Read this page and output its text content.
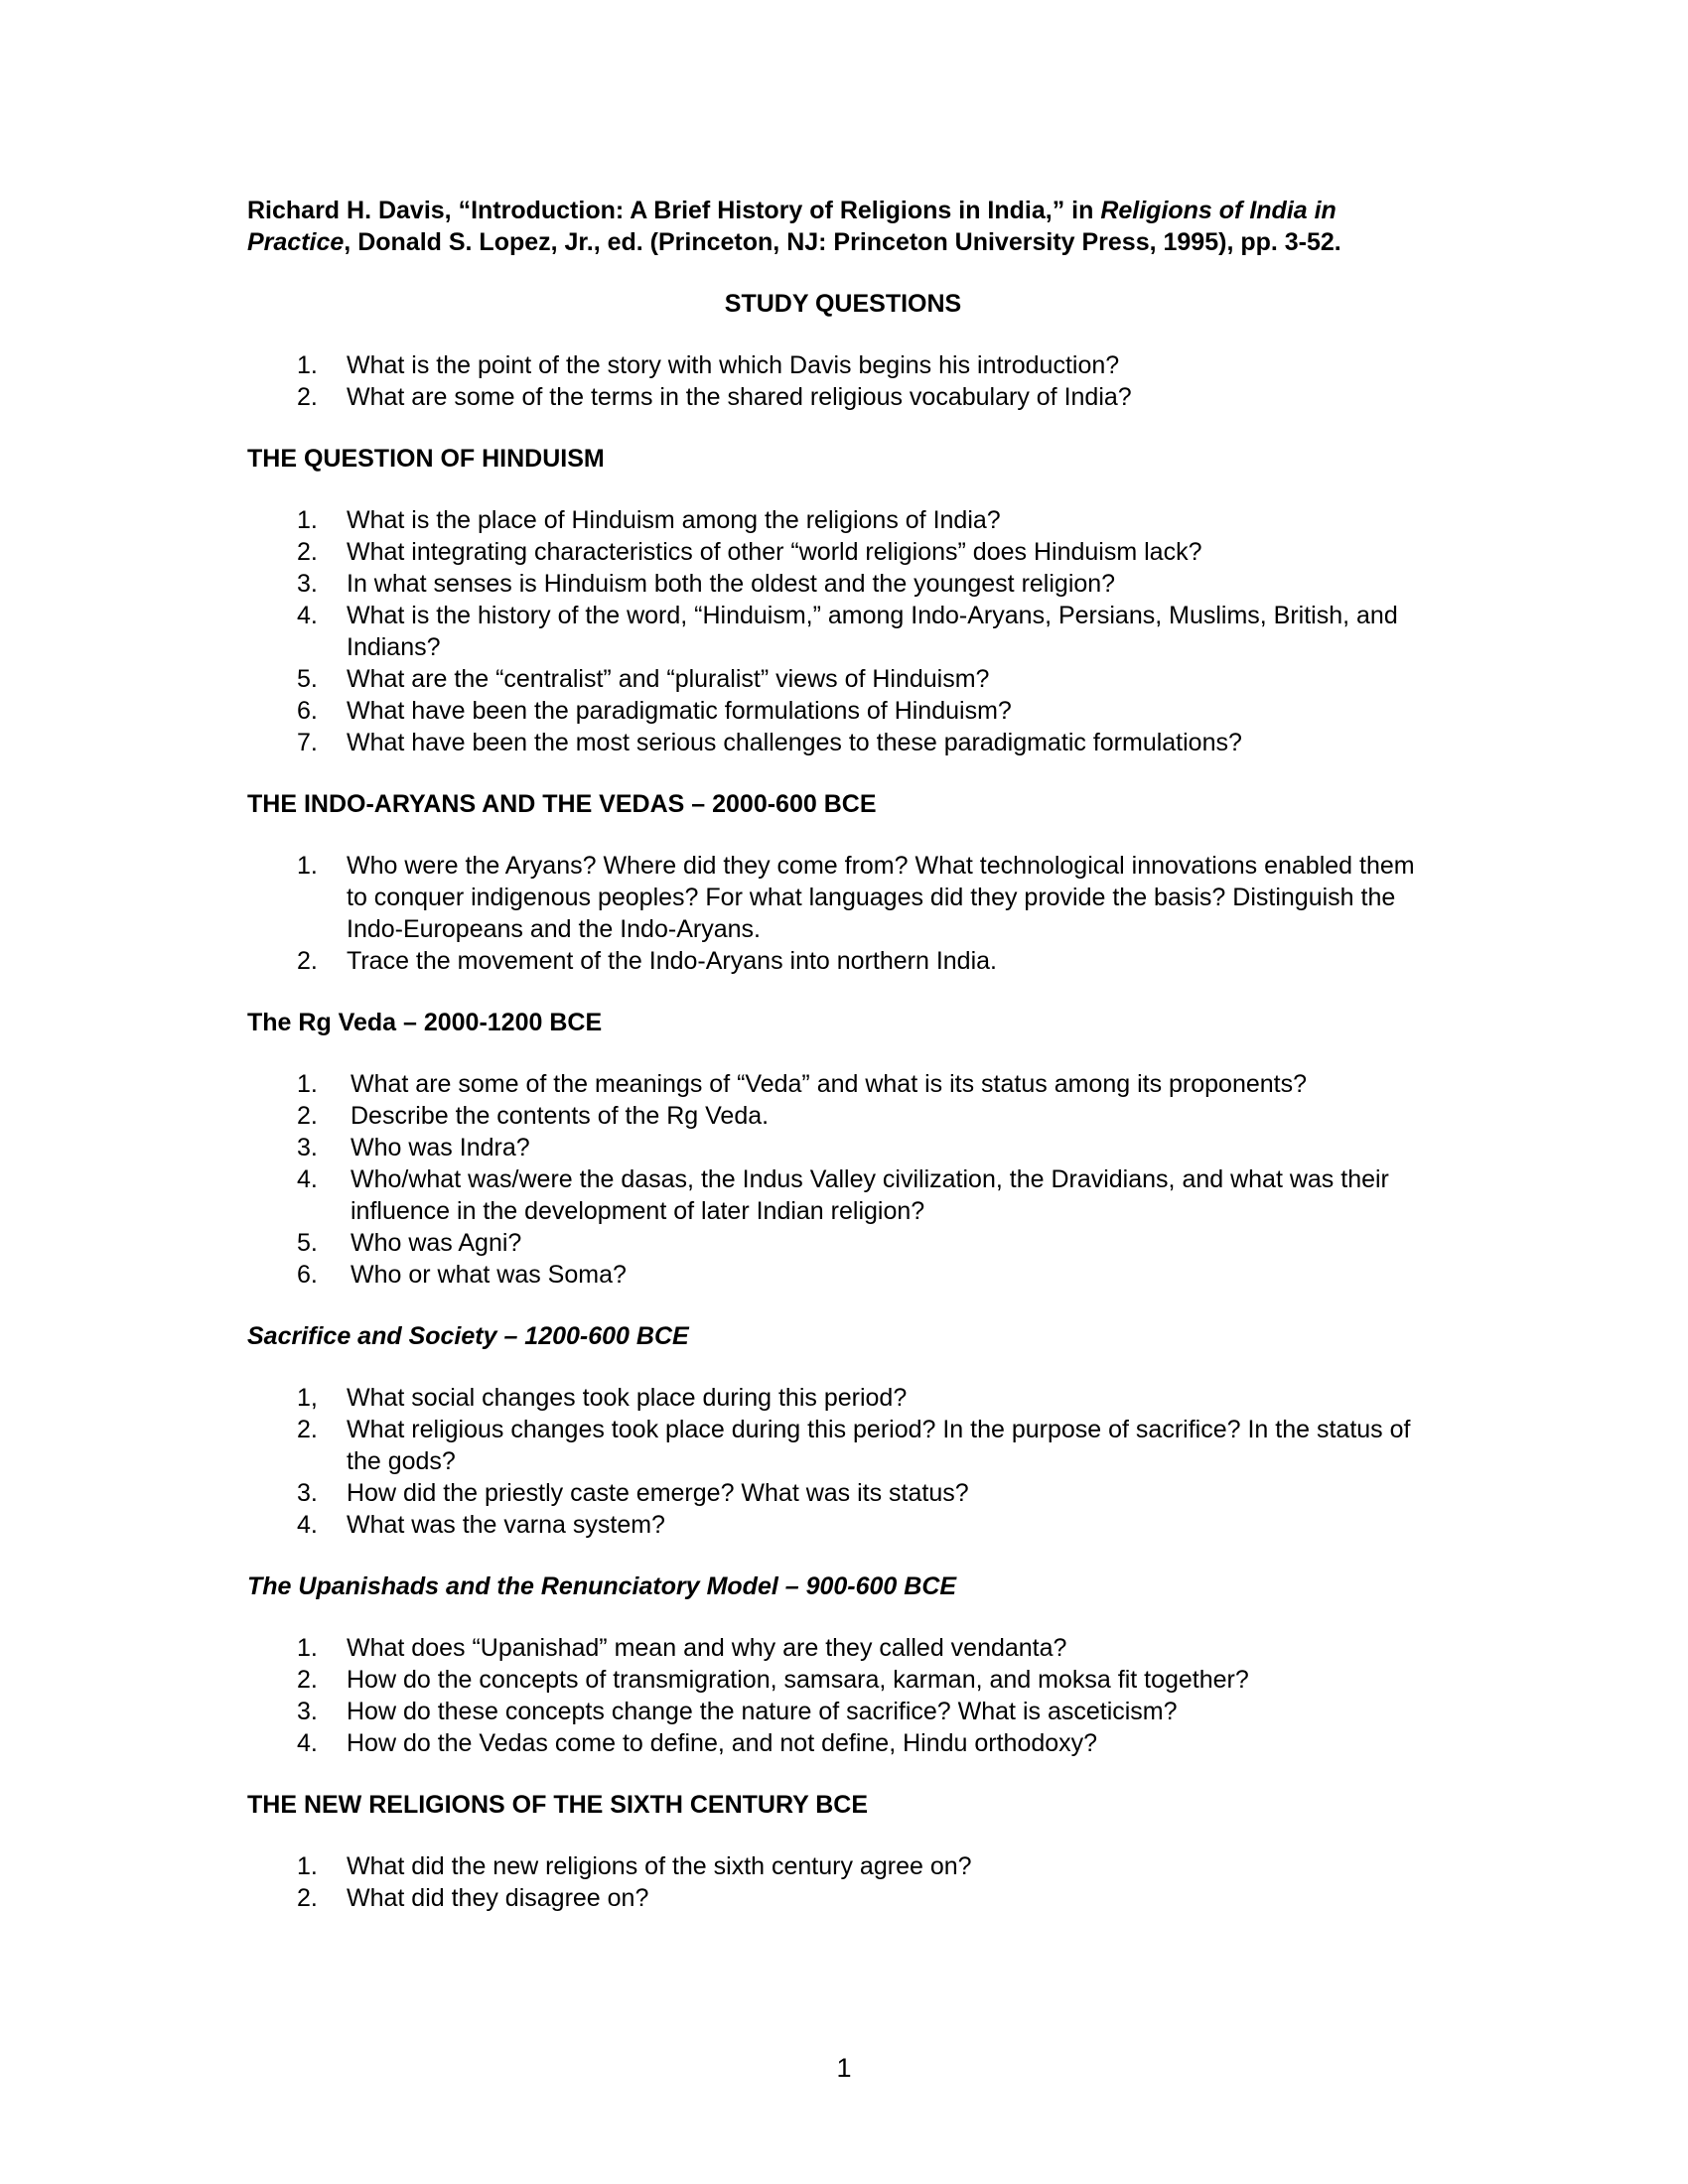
Richard H. Davis, “Introduction: A Brief History of Religions in India,” in Religions of India in Practice, Donald S. Lopez, Jr., ed. (Princeton, NJ: Princeton University Press, 1995), pp. 3-52.

STUDY QUESTIONS
1. What is the point of the story with which Davis begins his introduction?
2. What are some of the terms in the shared religious vocabulary of India?
THE QUESTION OF HINDUISM
1. What is the place of Hinduism among the religions of India?
2. What integrating characteristics of other “world religions” does Hinduism lack?
3. In what senses is Hinduism both the oldest and the youngest religion?
4. What is the history of the word, “Hinduism,” among Indo-Aryans, Persians, Muslims, British, and Indians?
5. What are the “centralist” and “pluralist” views of Hinduism?
6. What have been the paradigmatic formulations of Hinduism?
7. What have been the most serious challenges to these paradigmatic formulations?
THE INDO-ARYANS AND THE VEDAS – 2000-600 BCE
1. Who were the Aryans? Where did they come from? What technological innovations enabled them to conquer indigenous peoples? For what languages did they provide the basis? Distinguish the Indo-Europeans and the Indo-Aryans.
2. Trace the movement of the Indo-Aryans into northern India.
The Rg Veda – 2000-1200 BCE
1. What are some of the meanings of “Veda” and what is its status among its proponents?
2. Describe the contents of the Rg Veda.
3. Who was Indra?
4. Who/what was/were the dasas, the Indus Valley civilization, the Dravidians, and what was their influence in the development of later Indian religion?
5. Who was Agni?
6. Who or what was Soma?
Sacrifice and Society – 1200-600 BCE
1, What social changes took place during this period?
2. What religious changes took place during this period? In the purpose of sacrifice? In the status of the gods?
3. How did the priestly caste emerge? What was its status?
4. What was the varna system?
The Upanishads and the Renunciatory Model – 900-600 BCE
1. What does “Upanishad” mean and why are they called vendanta?
2. How do the concepts of transmigration, samsara, karman, and moksa fit together?
3. How do these concepts change the nature of sacrifice? What is asceticism?
4. How do the Vedas come to define, and not define, Hindu orthodoxy?
THE NEW RELIGIONS OF THE SIXTH CENTURY BCE
1. What did the new religions of the sixth century agree on?
2. What did they disagree on?
1
